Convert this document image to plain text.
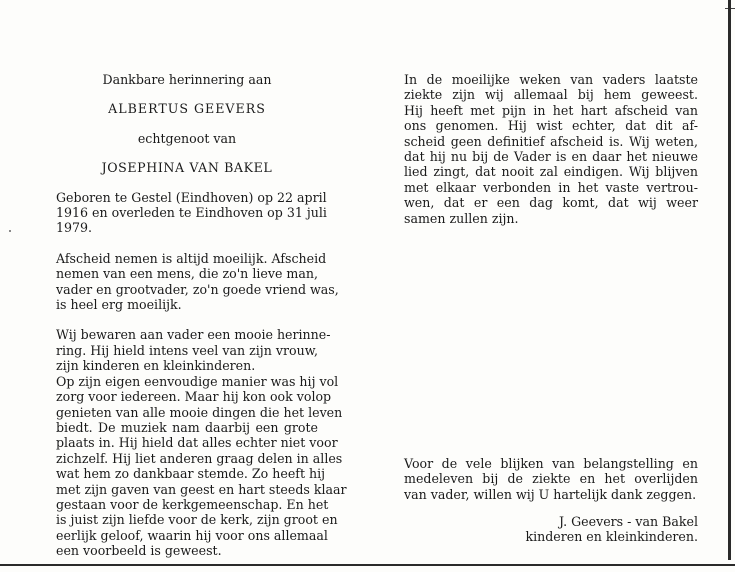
Dankbare herinnering aan
ALBERTUS GEEVERS
echtgenoot van
JOSEPHINA VAN BAKEL
Geboren te Gestel (Eindhoven) op 22 april
1916 en overleden te Eindhoven op 31 juli
1979.
Afscheid nemen is altijd moeilijk. Afscheid
nemen van een mens, die zo'n lieve man,
vader en grootvader, zo'n goede vriend was,
is heel erg moeilijk.
Wij bewaren aan vader een mooie herinne-
ring. Hij hield intens veel van zijn vrouw,
zijn kinderen en kleinkinderen.
Op zijn eigen eenvoudige manier was hij vol
zorg voor iedereen. Maar hij kon ook volop
genieten van alle mooie dingen die het leven
biedt. De muziek nam daarbij een grote
plaats in. Hij hield dat alles echter niet voor
zichzelf. Hij liet anderen graag delen in alles
wat hem zo dankbaar stemde. Zo heeft hij
met zijn gaven van geest en hart steeds klaar
gestaan voor de kerkgemeenschap. En het
is juist zijn liefde voor de kerk, zijn groot en
eerlijk geloof, waarin hij voor ons allemaal
een voorbeeld is geweest.
In de moeilijke weken van vaders laatste
ziekte zijn wij allemaal bij hem geweest.
Hij heeft met pijn in het hart afscheid van
ons genomen. Hij wist echter, dat dit af-
scheid geen definitief afscheid is. Wij weten,
dat hij nu bij de Vader is en daar het nieuwe
lied zingt, dat nooit zal eindigen. Wij blijven
met elkaar verbonden in het vaste vertrou-
wen, dat er een dag komt, dat wij weer
samen zullen zijn.
Voor de vele blijken van belangstelling en
medeleven bij de ziekte en het overlijden
van vader, willen wij U hartelijk dank zeggen.
J. Geevers - van Bakel
kinderen en kleinkinderen.
